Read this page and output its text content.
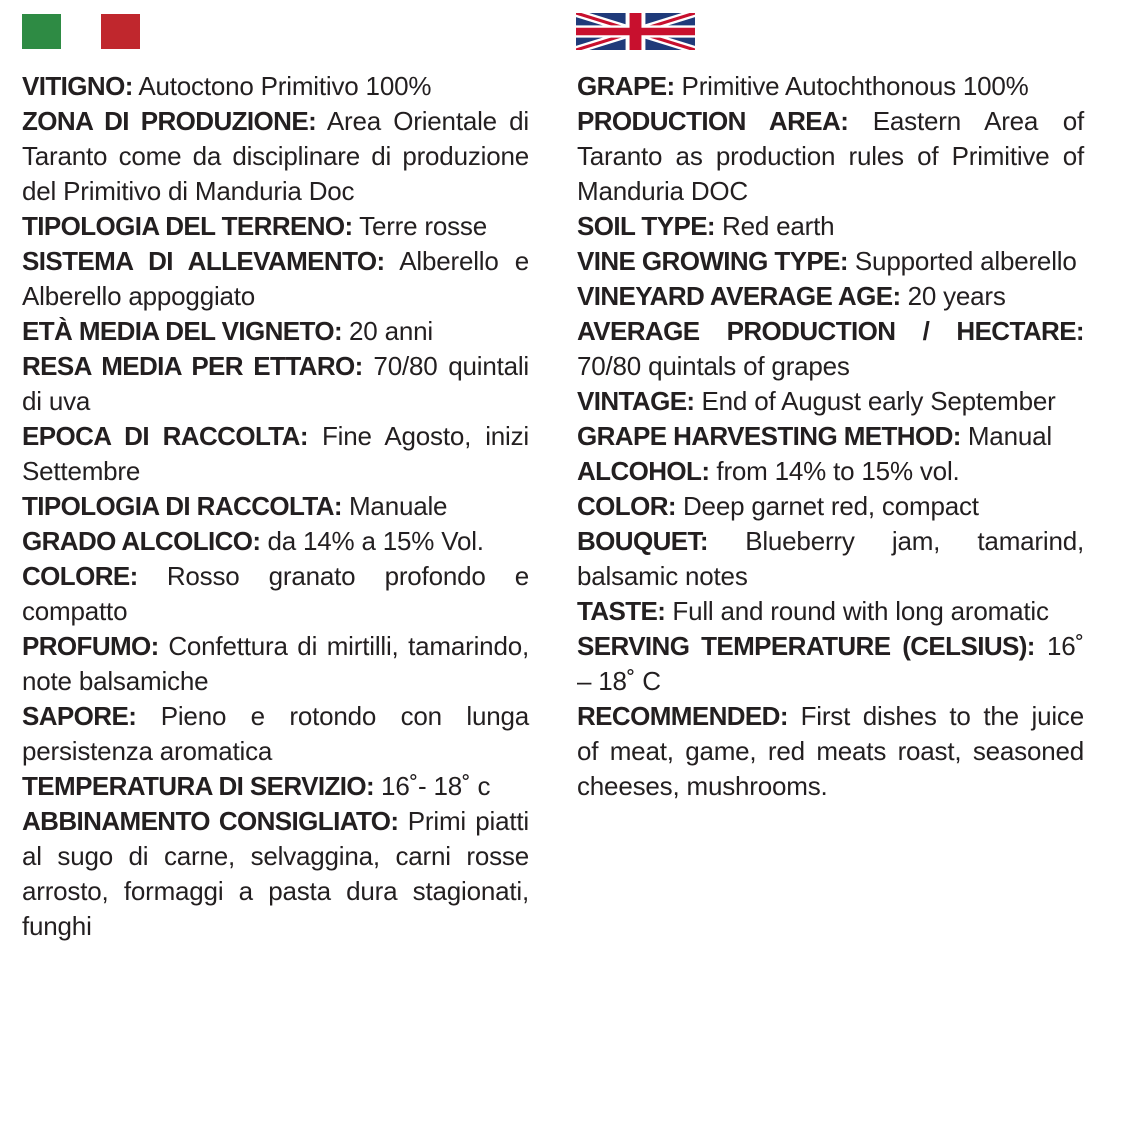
VITIGNO: Autoctono Primitivo 100%

ZONA DI PRODUZIONE: Area Orientale di Taranto come da disciplinare di produzione del Primitivo di Manduria Doc

TIPOLOGIA DEL TERRENO: Terre rosse

SISTEMA DI ALLEVAMENTO: Alberello e Alberello appoggiato

ETÀ MEDIA DEL VIGNETO: 20 anni

RESA MEDIA PER ETTARO: 70/80 quintali di uva

EPOCA DI RACCOLTA: Fine Agosto, inizi Settembre

TIPOLOGIA DI RACCOLTA: Manuale

GRADO ALCOLICO: da 14% a 15% Vol.

COLORE: Rosso granato profondo e compatto

PROFUMO: Confettura di mirtilli, tamarindo, note balsamiche

SAPORE: Pieno e rotondo con lunga persistenza aromatica

TEMPERATURA DI SERVIZIO: 16˚- 18˚ c

ABBINAMENTO CONSIGLIATO: Primi piatti al sugo di carne, selvaggina, carni rosse arrosto, formaggi a pasta dura stagionati, funghi

GRAPE: Primitive Autochthonous 100%

PRODUCTION AREA: Eastern Area of Taranto as production rules of Primitive of Manduria DOC

SOIL TYPE: Red earth

VINE GROWING TYPE: Supported alberello

VINEYARD AVERAGE AGE: 20 years

AVERAGE PRODUCTION / HECTARE: 70/80 quintals of grapes

VINTAGE: End of August early September

GRAPE HARVESTING METHOD: Manual

ALCOHOL: from 14% to 15% vol.

COLOR: Deep garnet red, compact

BOUQUET: Blueberry jam, tamarind, balsamic notes

TASTE: Full and round with long aromatic

SERVING TEMPERATURE (CELSIUS): 16˚ – 18˚ C

RECOMMENDED: First dishes to the juice of meat, game, red meats roast, seasoned cheeses, mushrooms.
